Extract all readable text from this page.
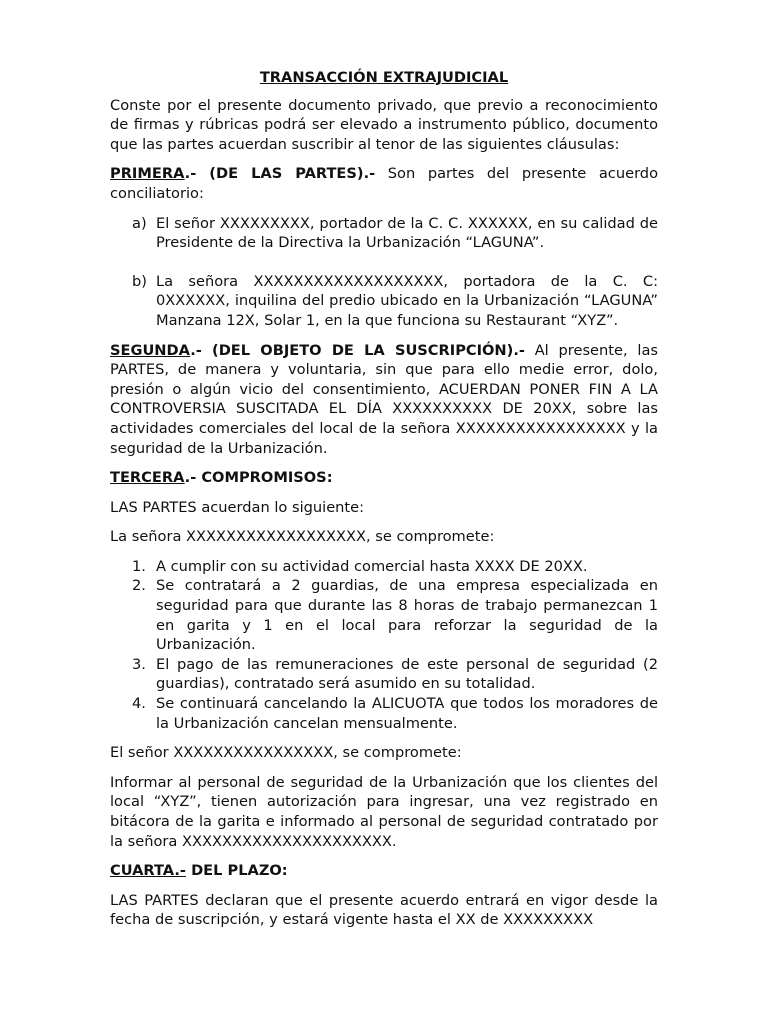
TRANSACCIÓN EXTRAJUDICIAL

Conste por el presente documento privado, que previo a reconocimiento de firmas y rúbricas podrá ser elevado a instrumento público, documento que las partes acuerdan suscribir al tenor de las siguientes cláusulas:

PRIMERA.- (DE LAS PARTES).- Son partes del presente acuerdo conciliatorio:

a) El señor XXXXXXXXX, portador de la C. C. XXXXXX, en su calidad de Presidente de la Directiva la Urbanización “LAGUNA”.
b) La señora XXXXXXXXXXXXXXXXXXX, portadora de la C. C: 0XXXXXX, inquilina del predio ubicado en la Urbanización “LAGUNA” Manzana 12X, Solar 1, en la que funciona su Restaurant “XYZ”.

SEGUNDA.- (DEL OBJETO DE LA SUSCRIPCIÓN).- Al presente, las PARTES, de manera y voluntaria, sin que para ello medie error, dolo, presión o algún vicio del consentimiento, ACUERDAN PONER FIN A LA CONTROVERSIA SUSCITADA EL DÍA XXXXXXXXXX DE 20XX, sobre las actividades comerciales del local de la señora XXXXXXXXXXXXXXXXX y la seguridad de la Urbanización.

TERCERA.- COMPROMISOS:

LAS PARTES acuerdan lo siguiente:

La señora XXXXXXXXXXXXXXXXXX, se compromete:

1. A cumplir con su actividad comercial hasta XXXX DE 20XX.
2. Se contratará a 2 guardias, de una empresa especializada en seguridad para que durante las 8 horas de trabajo permanezcan 1 en garita y 1 en el local para reforzar la seguridad de la Urbanización.
3. El pago de las remuneraciones de este personal de seguridad (2 guardias), contratado será asumido en su totalidad.
4. Se continuará cancelando la ALICUOTA que todos los moradores de la Urbanización cancelan mensualmente.

El señor XXXXXXXXXXXXXXXX, se compromete:

Informar al personal de seguridad de la Urbanización que los clientes del local “XYZ”, tienen autorización para ingresar, una vez registrado en bitácora de la garita e informado al personal de seguridad contratado por la señora XXXXXXXXXXXXXXXXXXXXX.

CUARTA.- DEL PLAZO:

LAS PARTES declaran que el presente acuerdo entrará en vigor desde la fecha de suscripción, y estará vigente hasta el XX de XXXXXXXXX
